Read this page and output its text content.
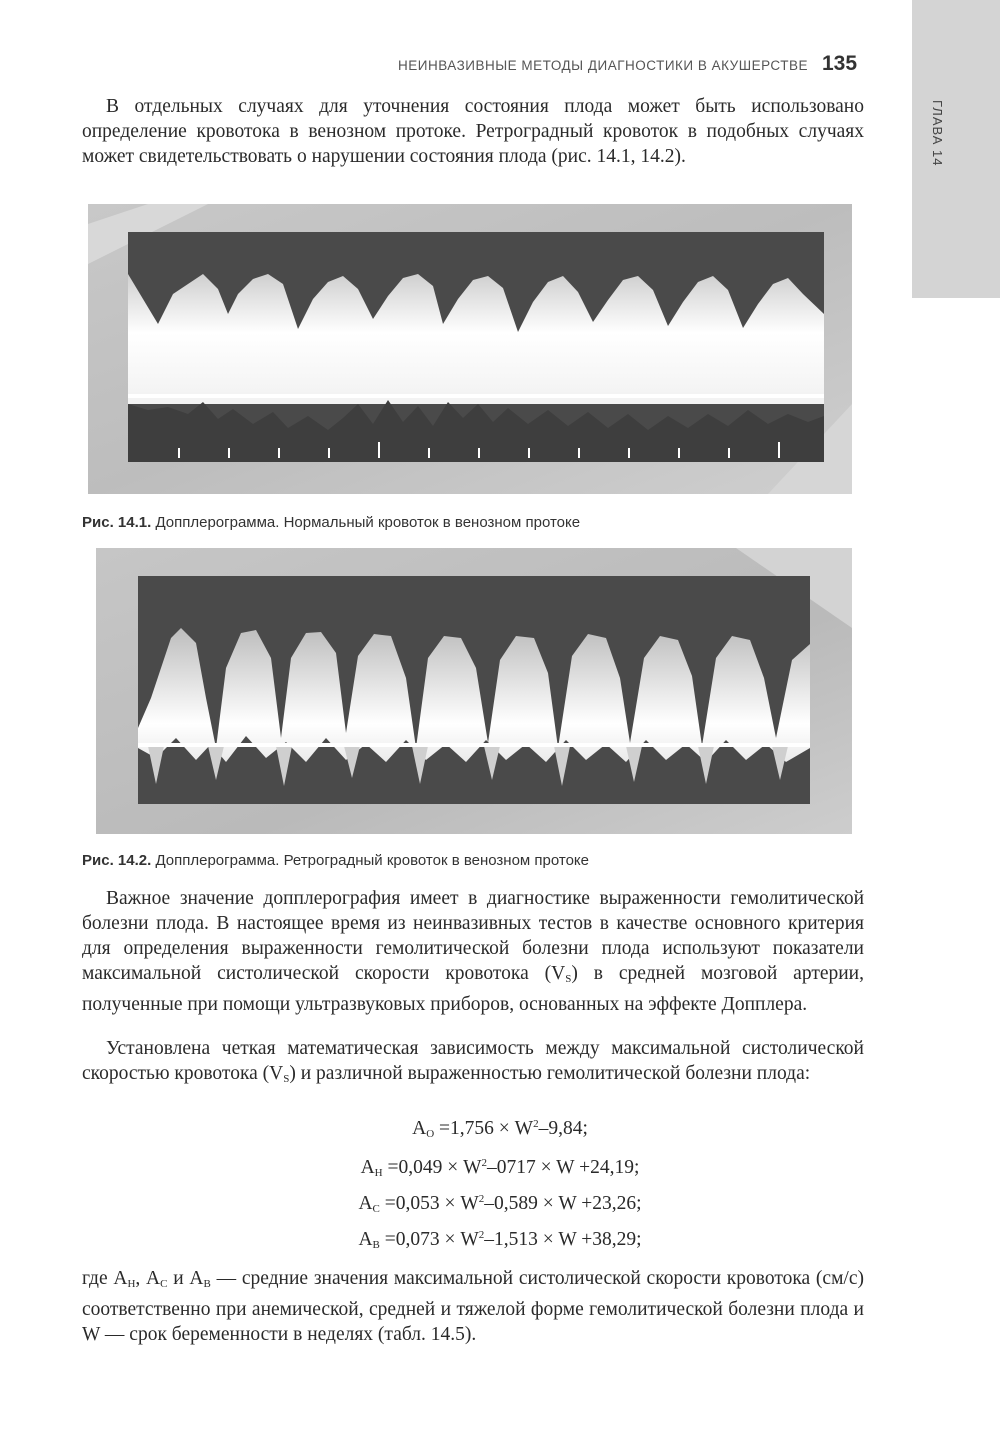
ГЛАВА 14
НЕИНВАЗИВНЫЕ МЕТОДЫ ДИАГНОСТИКИ В АКУШЕРСТВЕ 135

В отдельных случаях для уточнения состояния плода может быть использовано определение кровотока в венозном протоке. Ретроградный кровоток в подобных случаях может свидетельствовать о нарушении состояния плода (рис. 14.1, 14.2).

Рис. 14.1. Допплерограмма. Нормальный кровоток в венозном протоке
Рис. 14.2. Допплерограмма. Ретроградный кровоток в венозном протоке

Важное значение допплерография имеет в диагностике выраженности гемолитической болезни плода. В настоящее время из неинвазивных тестов в качестве основного критерия для определения выраженности гемолитической болезни плода используют показатели максимальной систолической скорости кровотока $(V_S)$ в средней мозговой артерии, полученные при помощи ультразвуковых приборов, основанных на эффекте Допплера.

Установлена четкая математическая зависимость между максимальной систолической скоростью кровотока $(V_S)$ и различной выраженностью гемолитической болезни плода:

$А_О =1,756 \times W^2-9,84$;
$А_Н =0,049 \times W^2-0717 \times W +24,19$;
$А_С =0,053 \times W^2-0,589 \times W +23,26$;
$А_В =0,073 \times W^2-1,513 \times W +38,29$;

где $А_Н$, $А_С$ и $А_В$ — средние значения максимальной систолической скорости кровотока (см/с) соответственно при анемической, средней и тяжелой форме гемолитической болезни плода и W — срок беременности в неделях (табл. 14.5).
